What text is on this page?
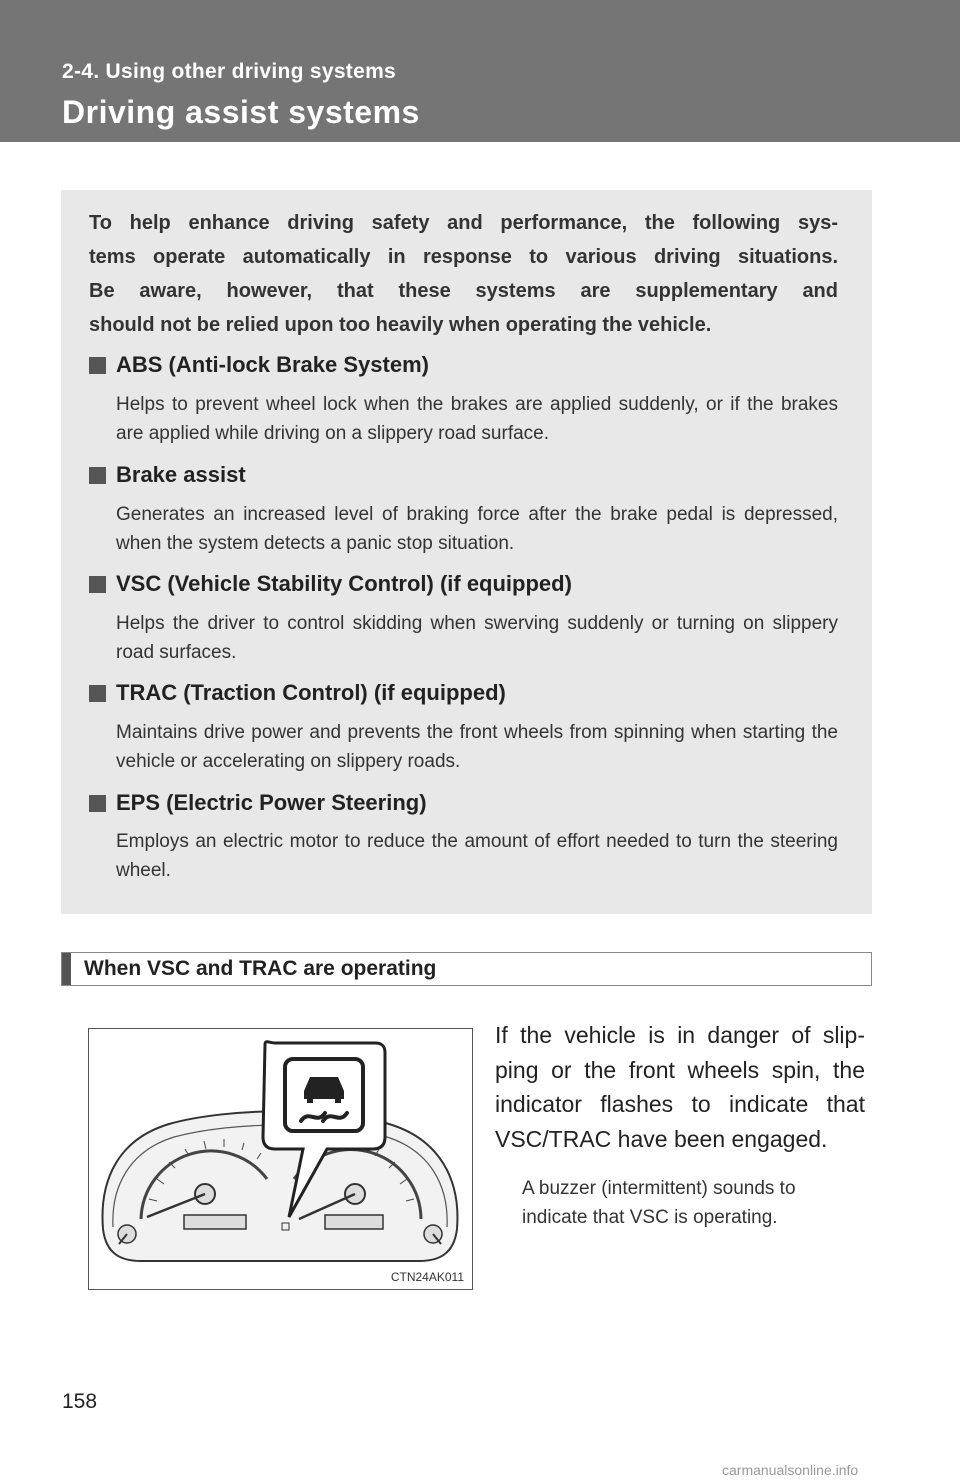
2-4. Using other driving systems
Driving assist systems
To help enhance driving safety and performance, the following sys-
tems operate automatically in response to various driving situations.
Be aware, however, that these systems are supplementary and
should not be relied upon too heavily when operating the vehicle.
ABS (Anti-lock Brake System)
Helps to prevent wheel lock when the brakes are applied suddenly, or if the brakes are applied while driving on a slippery road surface.
Brake assist
Generates an increased level of braking force after the brake pedal is depressed, when the system detects a panic stop situation.
VSC (Vehicle Stability Control) (if equipped)
Helps the driver to control skidding when swerving suddenly or turning on slippery road surfaces.
TRAC (Traction Control) (if equipped)
Maintains drive power and prevents the front wheels from spinning when starting the vehicle or accelerating on slippery roads.
EPS (Electric Power Steering)
Employs an electric motor to reduce the amount of effort needed to turn the steering wheel.
When VSC and TRAC are operating
CTN24AK011
If the vehicle is in danger of slip-
ping or the front wheels spin, the
indicator flashes to indicate that
VSC/TRAC have been engaged.
A buzzer (intermittent) sounds to indicate that VSC is operating.
158
carmanualsonline.info
